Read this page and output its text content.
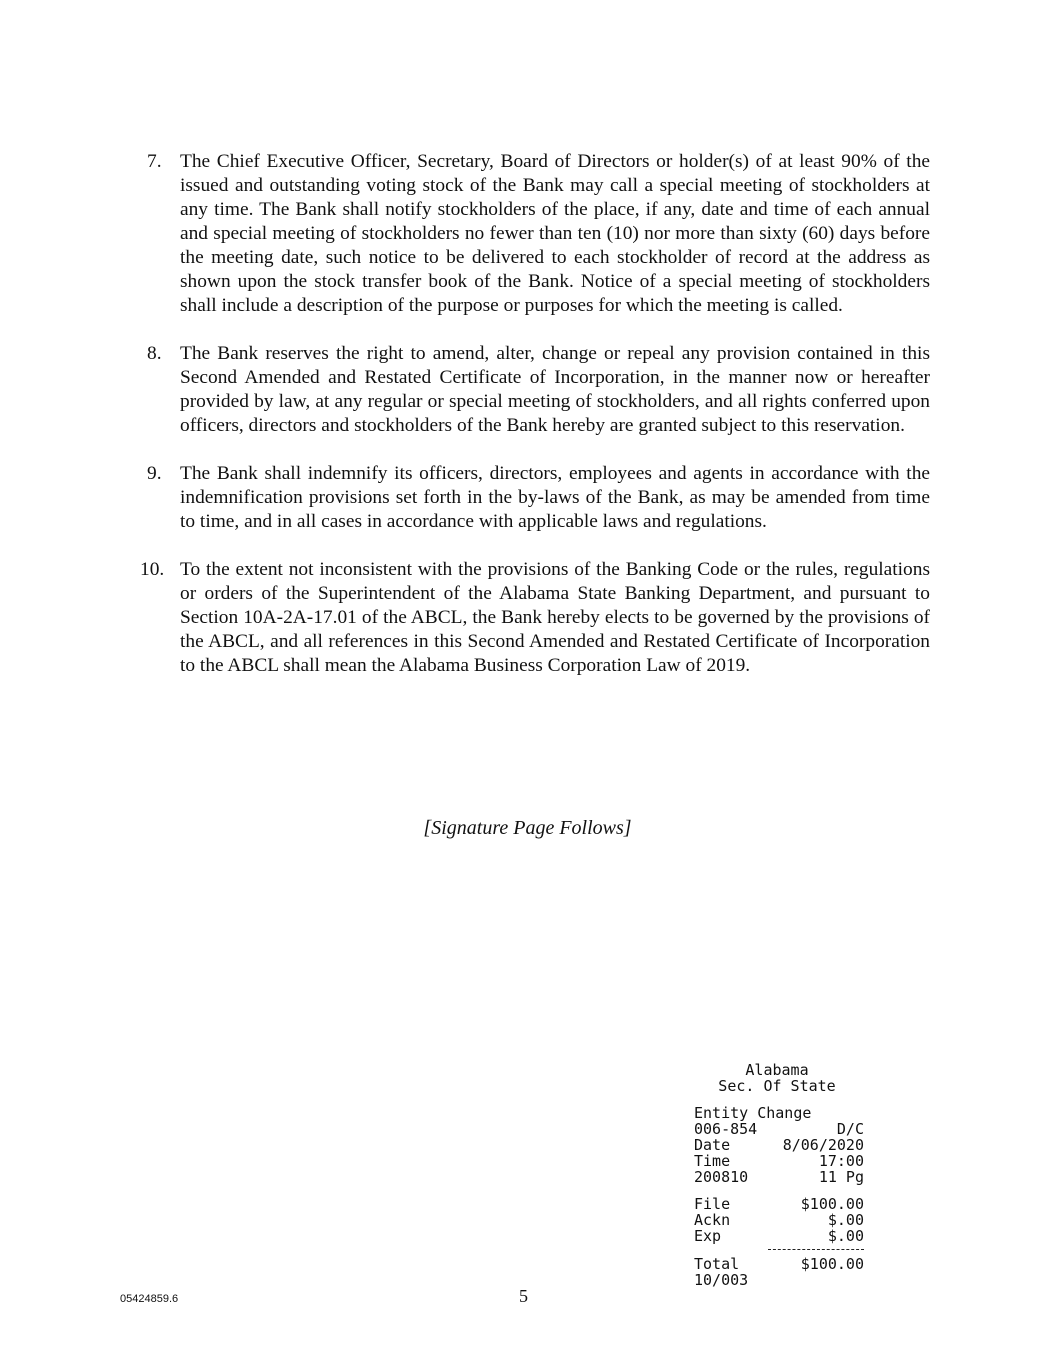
7. The Chief Executive Officer, Secretary, Board of Directors or holder(s) of at least 90% of the issued and outstanding voting stock of the Bank may call a special meeting of stockholders at any time. The Bank shall notify stockholders of the place, if any, date and time of each annual and special meeting of stockholders no fewer than ten (10) nor more than sixty (60) days before the meeting date, such notice to be delivered to each stockholder of record at the address as shown upon the stock transfer book of the Bank. Notice of a special meeting of stockholders shall include a description of the purpose or purposes for which the meeting is called.
8. The Bank reserves the right to amend, alter, change or repeal any provision contained in this Second Amended and Restated Certificate of Incorporation, in the manner now or hereafter provided by law, at any regular or special meeting of stockholders, and all rights conferred upon officers, directors and stockholders of the Bank hereby are granted subject to this reservation.
9. The Bank shall indemnify its officers, directors, employees and agents in accordance with the indemnification provisions set forth in the by-laws of the Bank, as may be amended from time to time, and in all cases in accordance with applicable laws and regulations.
10. To the extent not inconsistent with the provisions of the Banking Code or the rules, regulations or orders of the Superintendent of the Alabama State Banking Department, and pursuant to Section 10A-2A-17.01 of the ABCL, the Bank hereby elects to be governed by the provisions of the ABCL, and all references in this Second Amended and Restated Certificate of Incorporation to the ABCL shall mean the Alabama Business Corporation Law of 2019.
[Signature Page Follows]
Alabama
Sec. Of State
Entity Change
006-854	D/C
Date	8/06/2020
Time	17:00
200810	11 Pg
File	$100.00
Ackn	$.00
Exp	$.00
Total	$100.00
10/003
05424859.6	5
